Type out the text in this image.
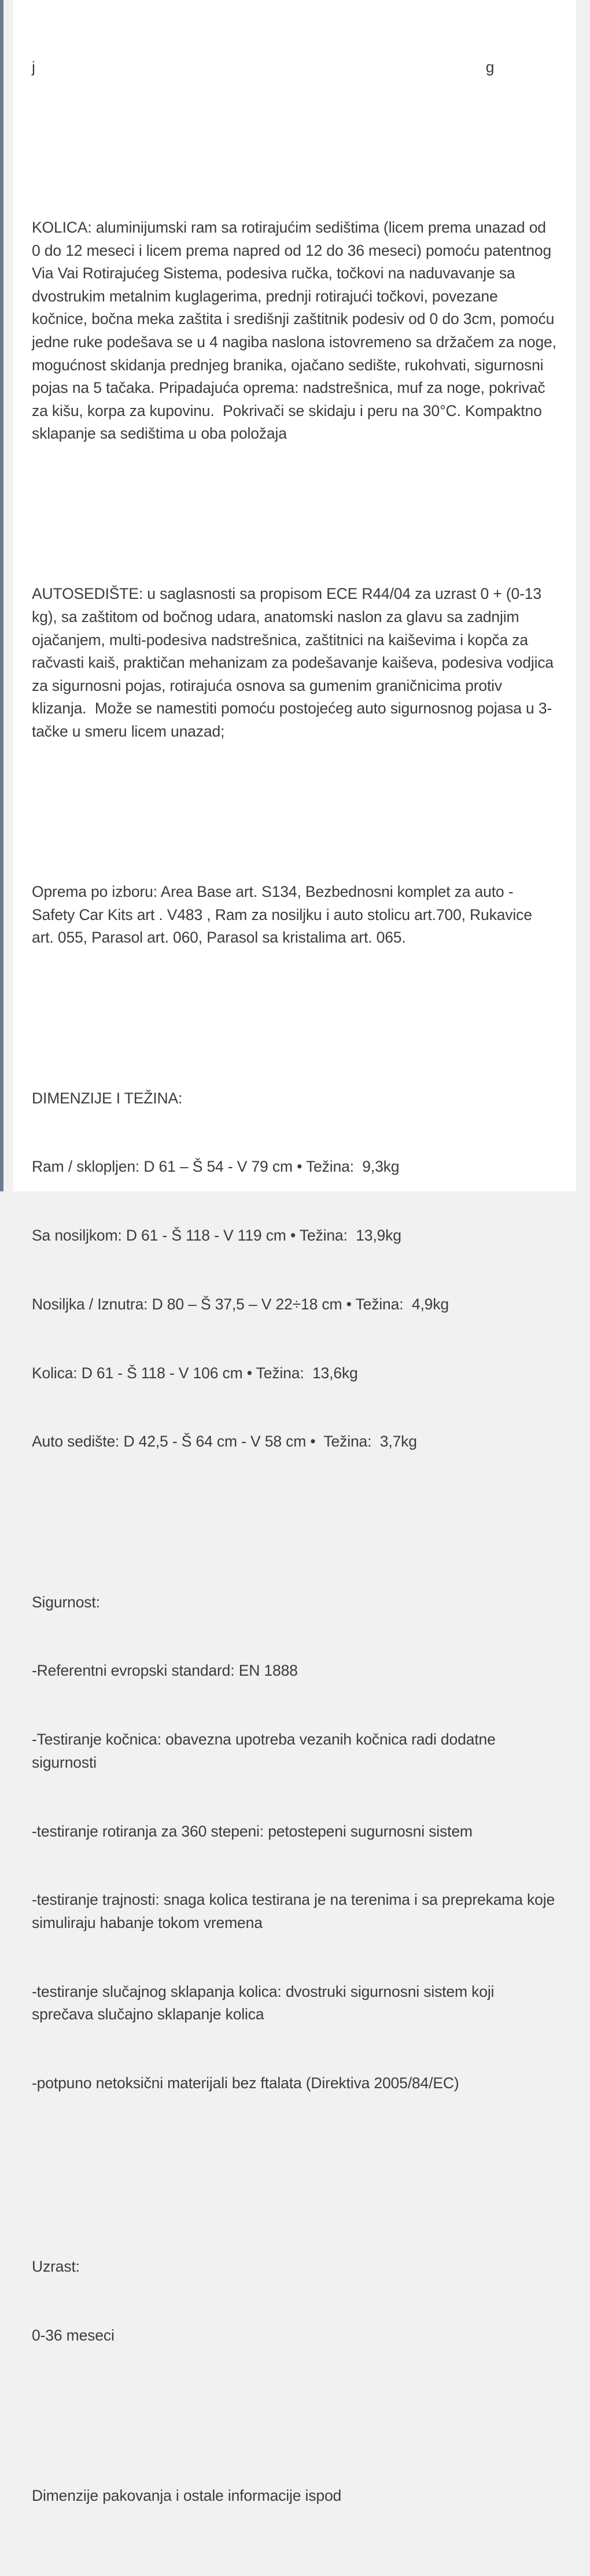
j                                                                                                            g

KOLICA: aluminijumski ram sa rotirajućim sedištima (licem prema unazad od 0 do 12 meseci i licem prema napred od 12 do 36 meseci) pomoću patentnog Via Vai Rotirajućeg Sistema, podesiva ručka, točkovi na naduvavanje sa dvostrukim metalnim kuglagerima, prednji rotirajući točkovi, povezane kočnice, bočna meka zaštita i središnji zaštitnik podesiv od 0 do 3cm, pomoću jedne ruke podešava se u 4 nagiba naslona istovremeno sa držačem za noge, mogućnost skidanja prednjeg branika, ojačano sedište, rukohvati, sigurnosni pojas na 5 tačaka. Pripadajuća oprema: nadstrešnica, muf za noge, pokrivač za kišu, korpa za kupovinu.  Pokrivači se skidaju i peru na 30°C. Kompaktno sklapanje sa sedištima u oba položaja

AUTOSEDIŠTE: u saglasnosti sa propisom ECE R44/04 za uzrast 0 + (0-13 kg), sa zaštitom od bočnog udara, anatomski naslon za glavu sa zadnjim ojačanjem, multi-podesiva nadstrešnica, zaštitnici na kaiševima i kopča za račvasti kaiš, praktičan mehanizam za podešavanje kaiševa, podesiva vodjica za sigurnosni pojas, rotirajuća osnova sa gumenim graničnicima protiv klizanja.  Može se namestiti pomoću postojećeg auto sigurnosnog pojasa u 3-tačke u smeru licem unazad;

Oprema po izboru: Area Base art. S134, Bezbednosni komplet za auto - Safety Car Kits art . V483 , Ram za nosiljku i auto stolicu art.700, Rukavice art. 055, Parasol art. 060, Parasol sa kristalima art. 065.

DIMENZIJE I TEŽINA:

Ram / sklopljen: D 61 – Š 54 - V 79 cm • Težina:  9,3kg

Sa nosiljkom: D 61 - Š 118 - V 119 cm • Težina:  13,9kg

Nosiljka / Iznutra: D 80 – Š 37,5 – V 22÷18 cm • Težina:  4,9kg

Kolica: D 61 - Š 118 - V 106 cm • Težina:  13,6kg

Auto sedište: D 42,5 - Š 64 cm - V 58 cm •  Težina:  3,7kg

Sigurnost:

-Referentni evropski standard: EN 1888

-Testiranje kočnica: obavezna upotreba vezanih kočnica radi dodatne sigurnosti

-testiranje rotiranja za 360 stepeni: petostepeni sugurnosni sistem

-testiranje trajnosti: snaga kolica testirana je na terenima i sa preprekama koje simuliraju habanje tokom vremena

-testiranje slučajnog sklapanja kolica: dvostruki sigurnosni sistem koji sprečava slučajno sklapanje kolica

-potpuno netoksični materijali bez ftalata (Direktiva 2005/84/EC)

Uzrast:

0-36 meseci

Dimenzije pakovanja i ostale informacije ispod
